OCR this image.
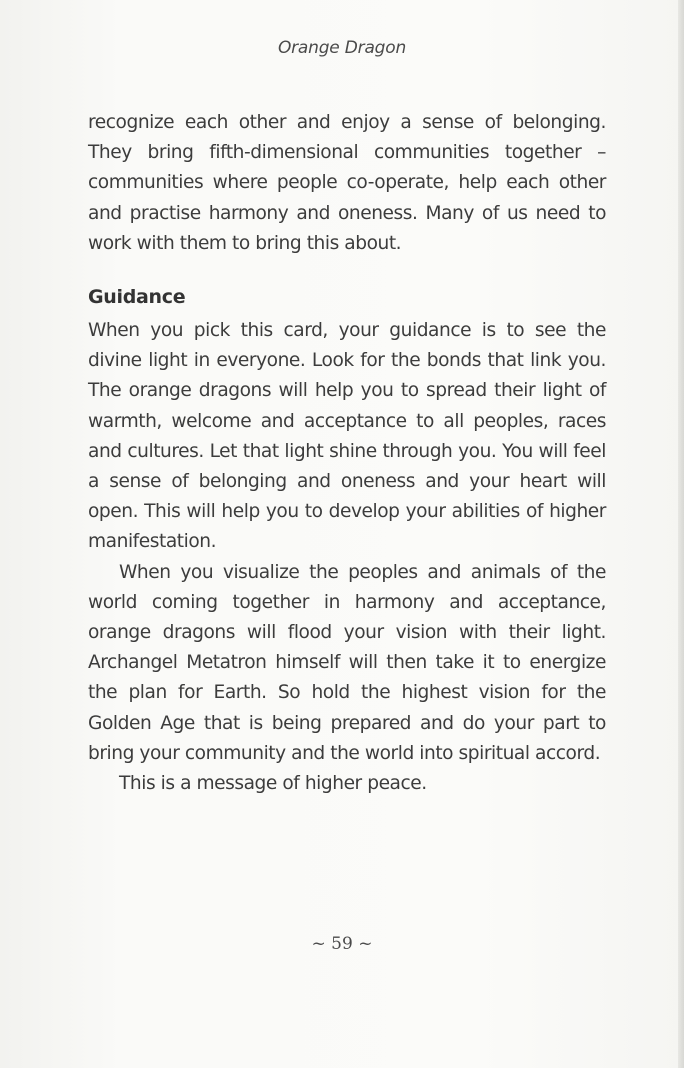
Orange Dragon

recognize each other and enjoy a sense of belonging. They bring fifth-dimensional communities together – communities where people co-operate, help each other and practise harmony and oneness. Many of us need to work with them to bring this about.

Guidance

When you pick this card, your guidance is to see the divine light in everyone. Look for the bonds that link you. The orange dragons will help you to spread their light of warmth, welcome and acceptance to all peoples, races and cultures. Let that light shine through you. You will feel a sense of belonging and oneness and your heart will open. This will help you to develop your abilities of higher manifestation.

When you visualize the peoples and animals of the world coming together in harmony and acceptance, orange dragons will flood your vision with their light. Archangel Metatron himself will then take it to energize the plan for Earth. So hold the highest vision for the Golden Age that is being prepared and do your part to bring your community and the world into spiritual accord.

This is a message of higher peace.

~ 59 ~
